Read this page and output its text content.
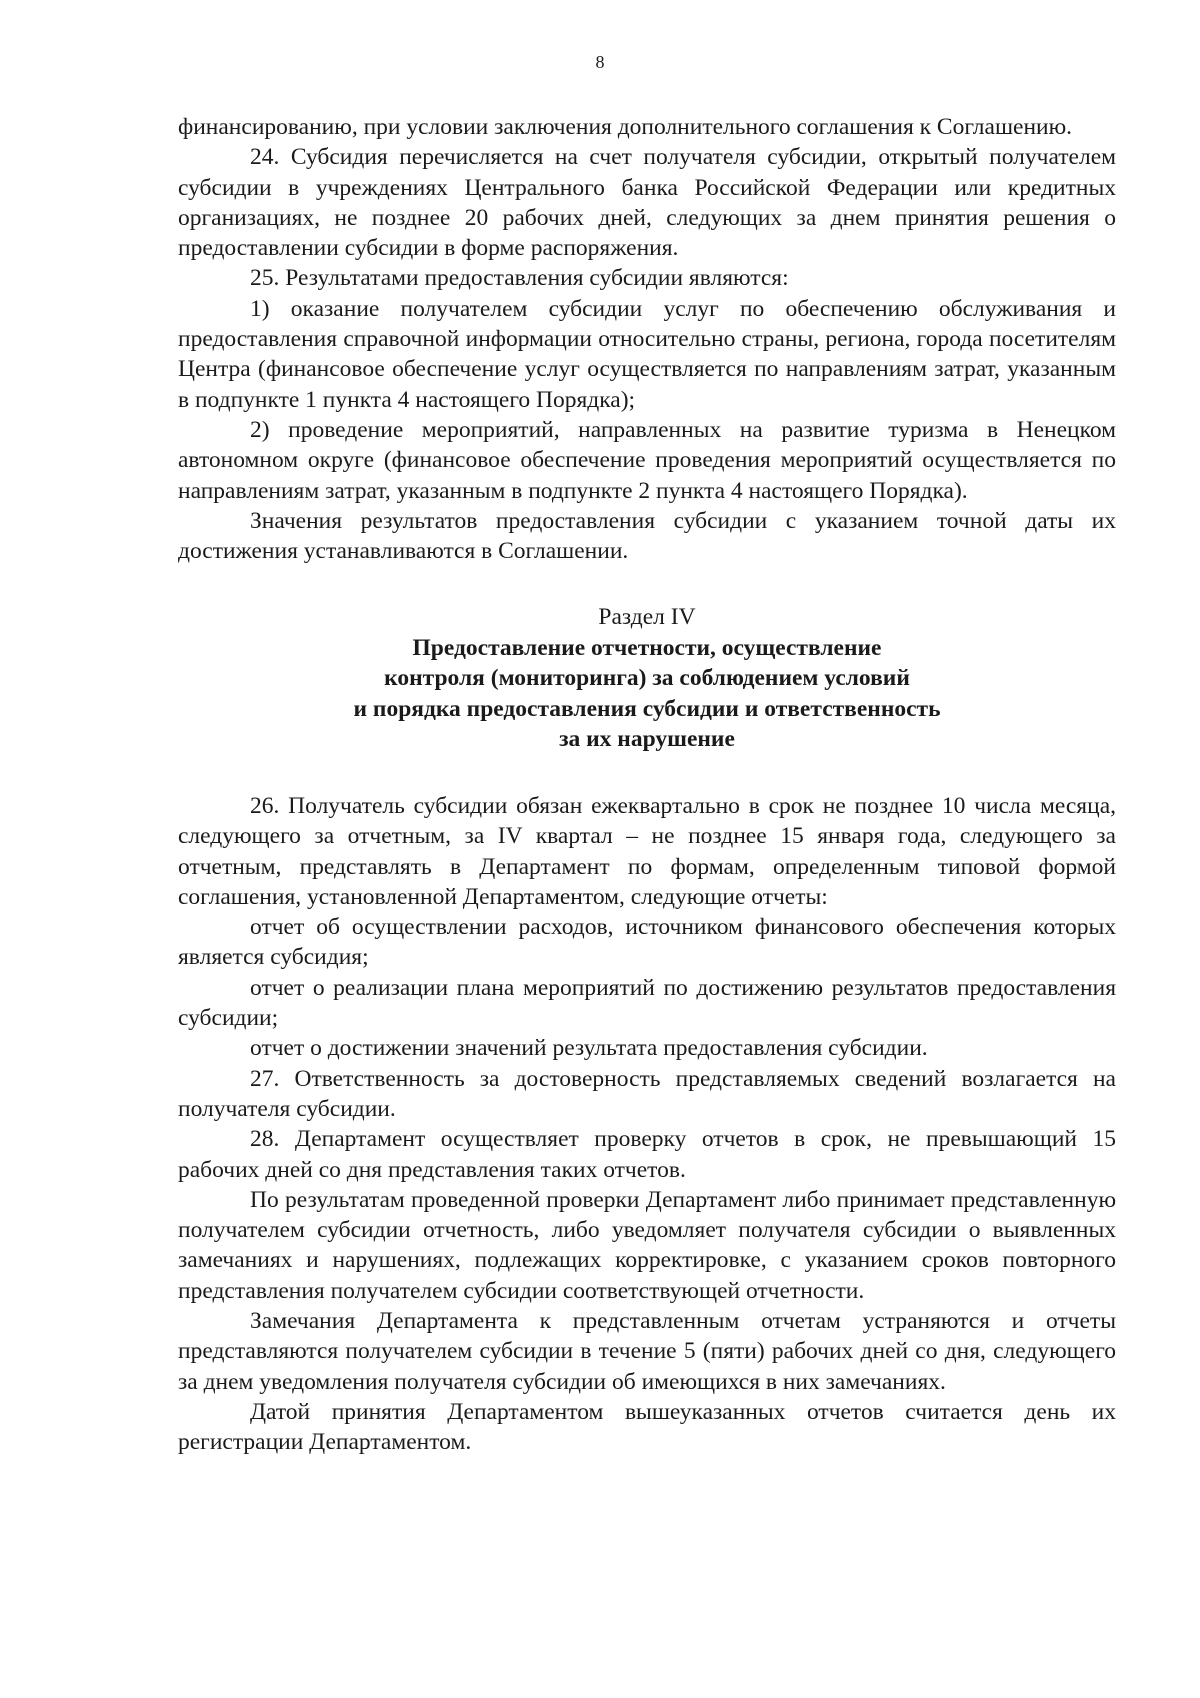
8

финансированию, при условии заключения дополнительного соглашения к Соглашению.

24. Субсидия перечисляется на счет получателя субсидии, открытый получателем субсидии в учреждениях Центрального банка Российской Федерации или кредитных организациях, не позднее 20 рабочих дней, следующих за днем принятия решения о предоставлении субсидии в форме распоряжения.

25. Результатами предоставления субсидии являются:

1) оказание получателем субсидии услуг по обеспечению обслуживания и предоставления справочной информации относительно страны, региона, города посетителям Центра (финансовое обеспечение услуг осуществляется по направлениям затрат, указанным в подпункте 1 пункта 4 настоящего Порядка);

2) проведение мероприятий, направленных на развитие туризма в Ненецком автономном округе (финансовое обеспечение проведения мероприятий осуществляется по направлениям затрат, указанным в подпункте 2 пункта 4 настоящего Порядка).

Значения результатов предоставления субсидии с указанием точной даты их достижения устанавливаются в Соглашении.

Раздел IV
Предоставление отчетности, осуществление
контроля (мониторинга) за соблюдением условий
и порядка предоставления субсидии и ответственность
за их нарушение

26. Получатель субсидии обязан ежеквартально в срок не позднее 10 числа месяца, следующего за отчетным, за IV квартал – не позднее 15 января года, следующего за отчетным, представлять в Департамент по формам, определенным типовой формой соглашения, установленной Департаментом, следующие отчеты:

отчет об осуществлении расходов, источником финансового обеспечения которых является субсидия;

отчет о реализации плана мероприятий по достижению результатов предоставления субсидии;

отчет о достижении значений результата предоставления субсидии.

27. Ответственность за достоверность представляемых сведений возлагается на получателя субсидии.

28. Департамент осуществляет проверку отчетов в срок, не превышающий 15 рабочих дней со дня представления таких отчетов.

По результатам проведенной проверки Департамент либо принимает представленную получателем субсидии отчетность, либо уведомляет получателя субсидии о выявленных замечаниях и нарушениях, подлежащих корректировке, с указанием сроков повторного представления получателем субсидии соответствующей отчетности.

Замечания Департамента к представленным отчетам устраняются и отчеты представляются получателем субсидии в течение 5 (пяти) рабочих дней со дня, следующего за днем уведомления получателя субсидии об имеющихся в них замечаниях.

Датой принятия Департаментом вышеуказанных отчетов считается день их регистрации Департаментом.
